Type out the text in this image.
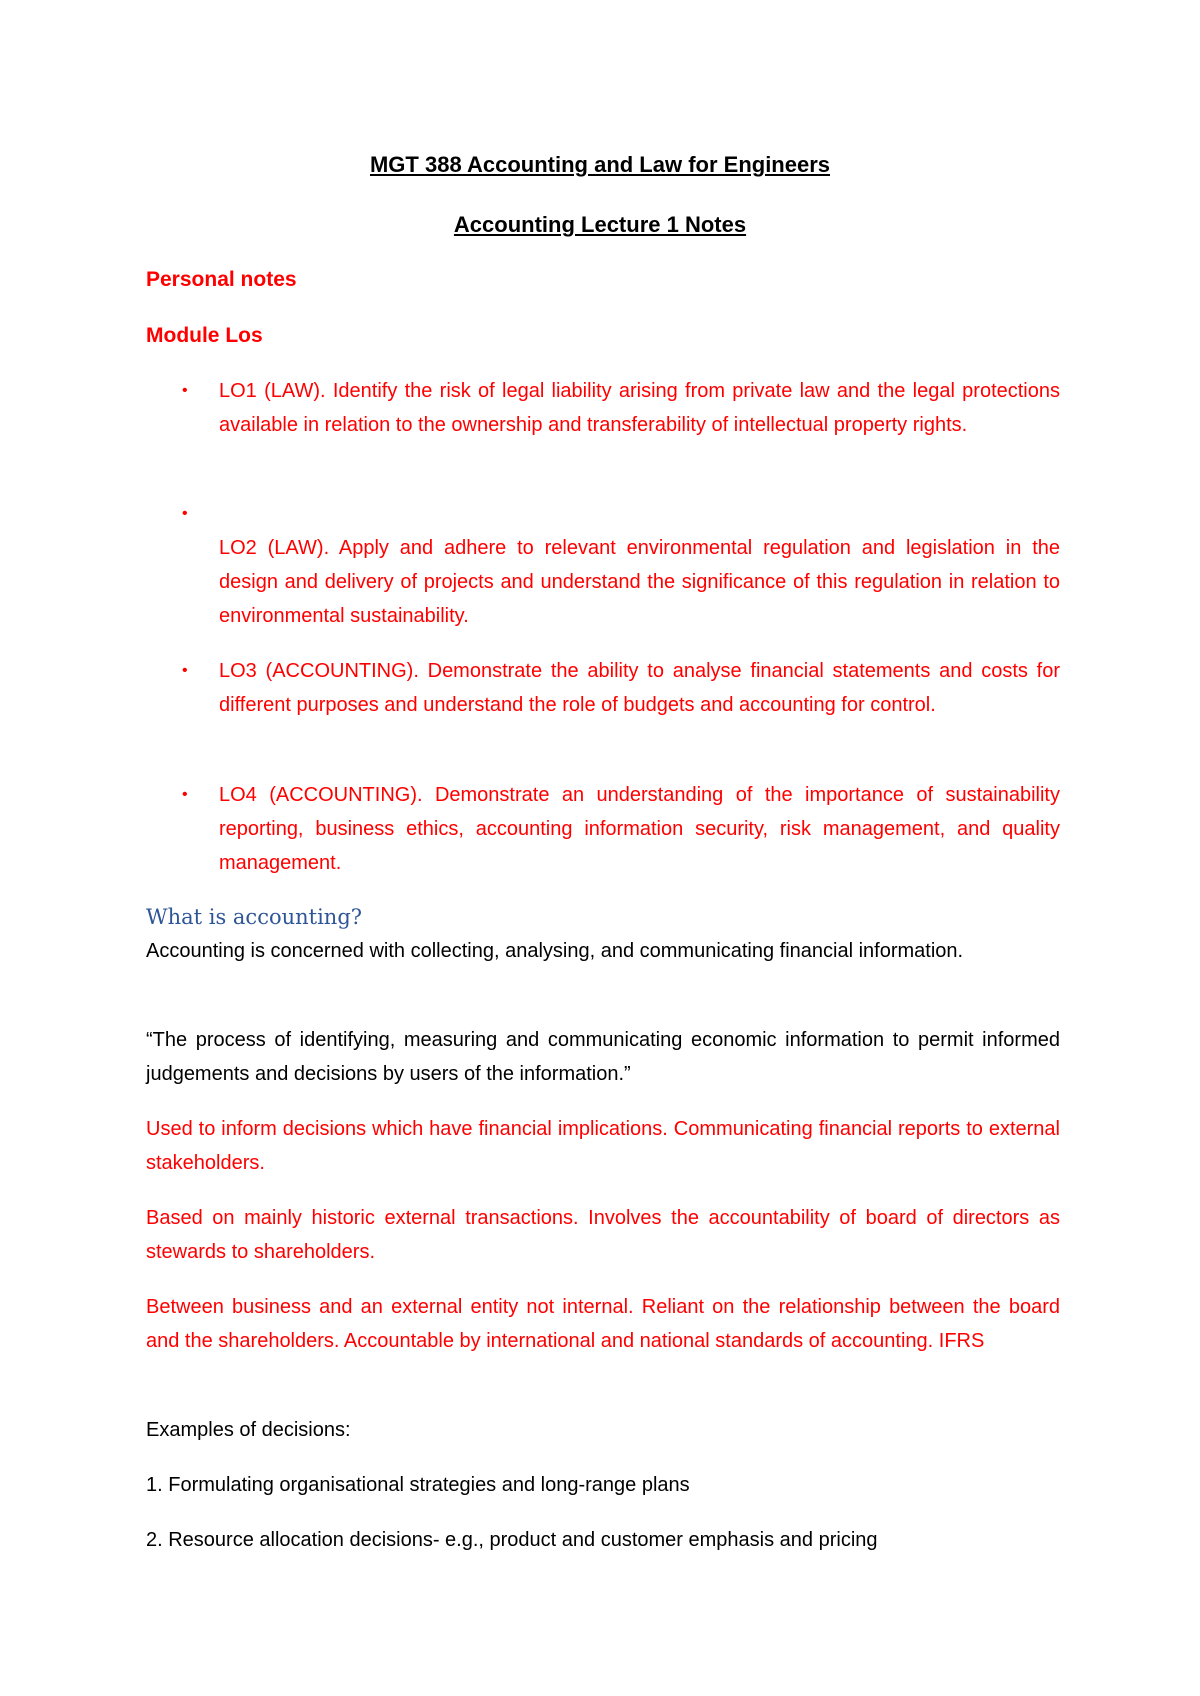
MGT 388 Accounting and Law for Engineers
Accounting Lecture 1 Notes
Personal notes
Module Los
• LO1 (LAW). Identify the risk of legal liability arising from private law and the legal protections available in relation to the ownership and transferability of intellectual property rights.
•
LO2 (LAW). Apply and adhere to relevant environmental regulation and legislation in the design and delivery of projects and understand the significance of this regulation in relation to environmental sustainability.
• LO3 (ACCOUNTING). Demonstrate the ability to analyse financial statements and costs for different purposes and understand the role of budgets and accounting for control.
• LO4 (ACCOUNTING). Demonstrate an understanding of the importance of sustainability reporting, business ethics, accounting information security, risk management, and quality management.
What is accounting?
Accounting is concerned with collecting, analysing, and communicating financial information.
“The process of identifying, measuring and communicating economic information to permit informed judgements and decisions by users of the information.”
Used to inform decisions which have financial implications. Communicating financial reports to external stakeholders.
Based on mainly historic external transactions. Involves the accountability of board of directors as stewards to shareholders.
Between business and an external entity not internal. Reliant on the relationship between the board and the shareholders. Accountable by international and national standards of accounting. IFRS
Examples of decisions:
1. Formulating organisational strategies and long-range plans
2. Resource allocation decisions- e.g., product and customer emphasis and pricing
